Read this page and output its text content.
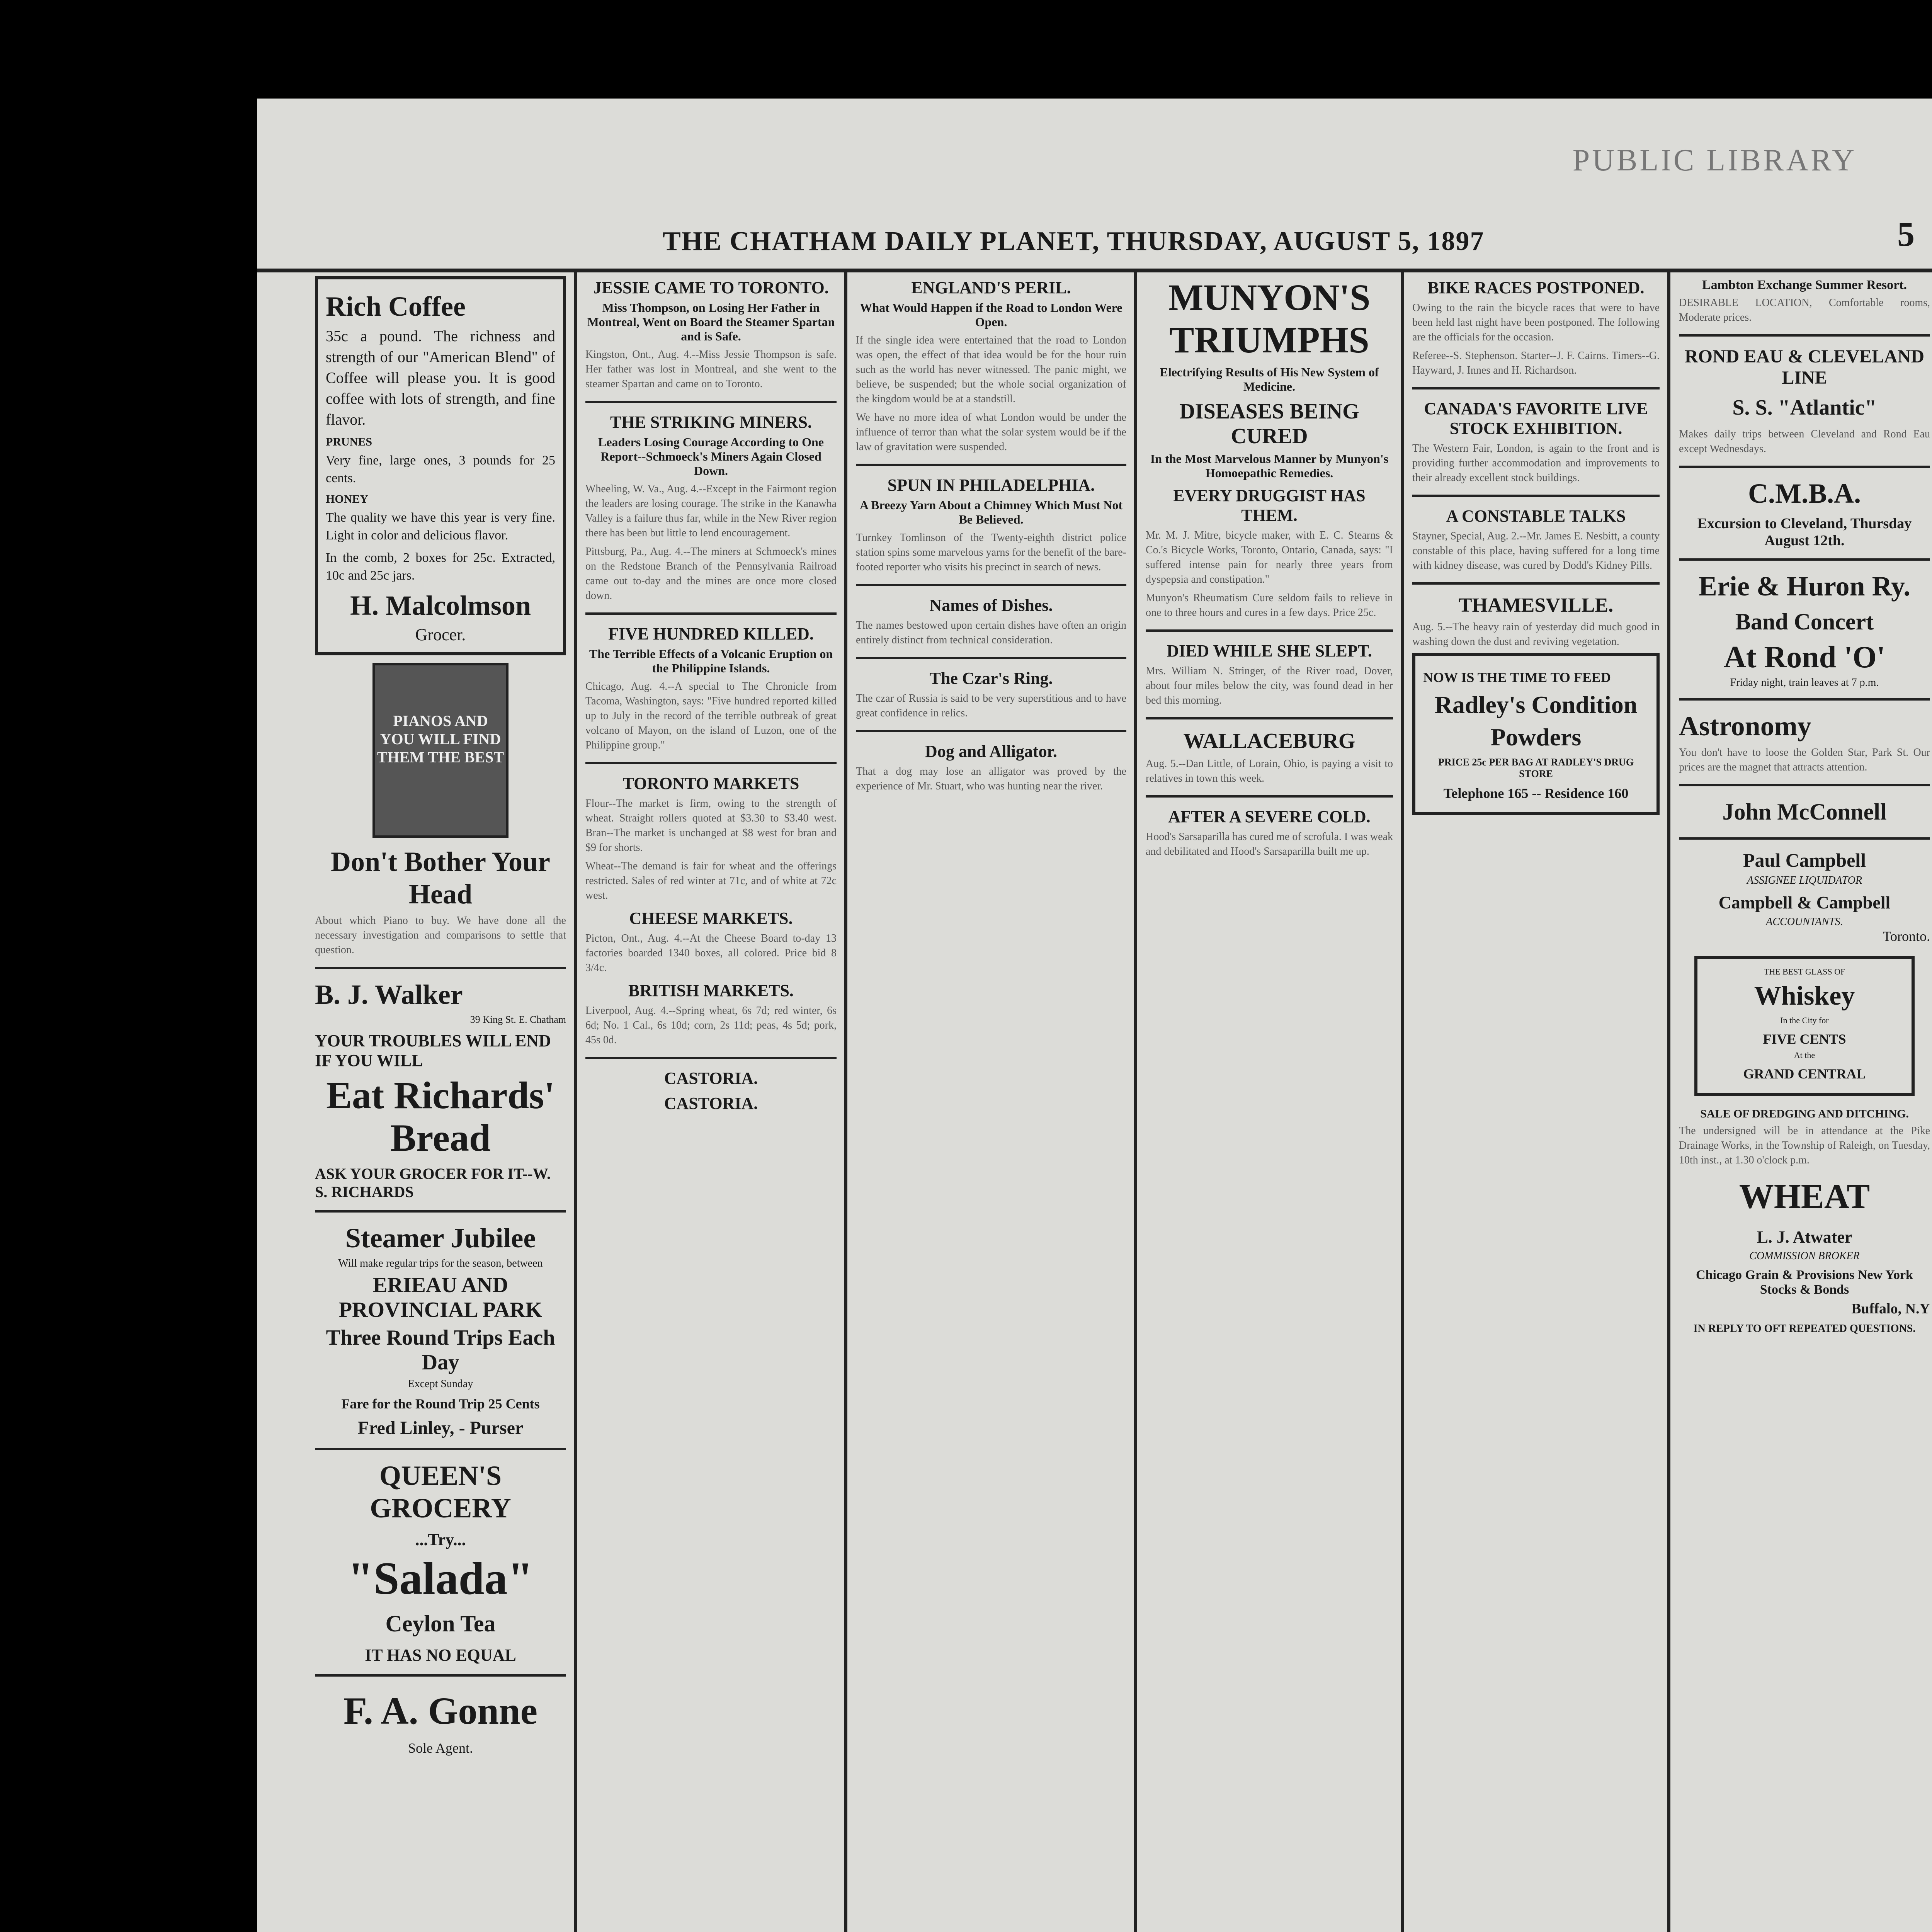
PUBLIC LIBRARY
THE CHATHAM DAILY PLANET, THURSDAY, AUGUST 5, 1897	5
Rich Coffee

35c a pound. The richness and strength of our "American Blend" of Coffee will please you. It is good coffee with lots of strength, and fine flavor.

PRUNES

Very fine, large ones, 3 pounds for 25 cents.

HONEY

The quality we have this year is very fine. Light in color and delicious flavor.

In the comb, 2 boxes for 25c. Extracted, 10c and 25c jars.

H. Malcolmson
Grocer.
PIANOS AND YOU WILL FIND THEM THE BEST
Don't Bother Your Head

About which Piano to buy. We have done all the necessary investigation and comparisons to settle that question.

B. J. Walker
39 King St. E. Chatham
YOUR TROUBLES WILL END IF YOU WILL
Eat Richards' Bread
ASK YOUR GROCER FOR IT--W. S. RICHARDS
Steamer Jubilee
Will make regular trips for the season, between
ERIEAU AND PROVINCIAL PARK
Three Round Trips Each Day
Except Sunday
Fare for the Round Trip 25 Cents
Fred Linley, - Purser
QUEEN'S GROCERY
...Try...
"Salada"
Ceylon Tea
IT HAS NO EQUAL
F. A. Gonne
Sole Agent.
JESSIE CAME TO TORONTO.
Miss Thompson, on Losing Her Father in Montreal, Went on Board the Steamer Spartan and is Safe.

Kingston, Ont., Aug. 4.--Miss Jessie Thompson is safe. Her father was lost in Montreal, and she went to the steamer Spartan and came on to Toronto.

THE STRIKING MINERS.
Leaders Losing Courage According to One Report--Schmoeck's Miners Again Closed Down.

Wheeling, W. Va., Aug. 4.--Except in the Fairmont region the leaders are losing courage. The strike in the Kanawha Valley is a failure thus far, while in the New River region there has been but little to lend encouragement.

Pittsburg, Pa., Aug. 4.--The miners at Schmoeck's mines on the Redstone Branch of the Pennsylvania Railroad came out to-day and the mines are once more closed down.

FIVE HUNDRED KILLED.
The Terrible Effects of a Volcanic Eruption on the Philippine Islands.

Chicago, Aug. 4.--A special to The Chronicle from Tacoma, Washington, says: "Five hundred reported killed up to July in the record of the terrible outbreak of great volcano of Mayon, on the island of Luzon, one of the Philippine group."

TORONTO MARKETS

Flour--The market is firm, owing to the strength of wheat. Straight rollers quoted at $3.30 to $3.40 west. Bran--The market is unchanged at $8 west for bran and $9 for shorts.

Wheat--The demand is fair for wheat and the offerings restricted. Sales of red winter at 71c, and of white at 72c west.

CHEESE MARKETS.

Picton, Ont., Aug. 4.--At the Cheese Board to-day 13 factories boarded 1340 boxes, all colored. Price bid 8 3/4c.

BRITISH MARKETS.

Liverpool, Aug. 4.--Spring wheat, 6s 7d; red winter, 6s 6d; No. 1 Cal., 6s 10d; corn, 2s 11d; peas, 4s 5d; pork, 45s 0d.

CASTORIA.
CASTORIA.
ENGLAND'S PERIL.
What Would Happen if the Road to London Were Open.

If the single idea were entertained that the road to London was open, the effect of that idea would be for the hour ruin such as the world has never witnessed. The panic might, we believe, be suspended; but the whole social organization of the kingdom would be at a standstill.

We have no more idea of what London would be under the influence of terror than what the solar system would be if the law of gravitation were suspended.

SPUN IN PHILADELPHIA.
A Breezy Yarn About a Chimney Which Must Not Be Believed.

Turnkey Tomlinson of the Twenty-eighth district police station spins some marvelous yarns for the benefit of the bare-footed reporter who visits his precinct in search of news.

Names of Dishes.

The names bestowed upon certain dishes have often an origin entirely distinct from technical consideration.

The Czar's Ring.

The czar of Russia is said to be very superstitious and to have great confidence in relics.

Dog and Alligator.

That a dog may lose an alligator was proved by the experience of Mr. Stuart, who was hunting near the river.

MUNYON'S TRIUMPHS
Electrifying Results of His New System of Medicine.
DISEASES BEING CURED
In the Most Marvelous Manner by Munyon's Homoepathic Remedies.
EVERY DRUGGIST HAS THEM.

Mr. M. J. Mitre, bicycle maker, with E. C. Stearns & Co.'s Bicycle Works, Toronto, Ontario, Canada, says: "I suffered intense pain for nearly three years from dyspepsia and constipation."

Munyon's Rheumatism Cure seldom fails to relieve in one to three hours and cures in a few days. Price 25c.

DIED WHILE SHE SLEPT.

Mrs. William N. Stringer, of the River road, Dover, about four miles below the city, was found dead in her bed this morning.

WALLACEBURG

Aug. 5.--Dan Little, of Lorain, Ohio, is paying a visit to relatives in town this week.

AFTER A SEVERE COLD.

Hood's Sarsaparilla has cured me of scrofula. I was weak and debilitated and Hood's Sarsaparilla built me up.

BIKE RACES POSTPONED.

Owing to the rain the bicycle races that were to have been held last night have been postponed. The following are the officials for the occasion.

Referee--S. Stephenson. Starter--J. F. Cairns. Timers--G. Hayward, J. Innes and H. Richardson.

CANADA'S FAVORITE LIVE STOCK EXHIBITION.

The Western Fair, London, is again to the front and is providing further accommodation and improvements to their already excellent stock buildings.

A CONSTABLE TALKS

Stayner, Special, Aug. 2.--Mr. James E. Nesbitt, a county constable of this place, having suffered for a long time with kidney disease, was cured by Dodd's Kidney Pills.

THAMESVILLE.

Aug. 5.--The heavy rain of yesterday did much good in washing down the dust and reviving vegetation.

NOW IS THE TIME TO FEED
Radley's Condition Powders
PRICE 25c PER BAG AT RADLEY'S DRUG STORE
Telephone 165 -- Residence 160
Lambton Exchange Summer Resort.

DESIRABLE LOCATION, Comfortable rooms, Moderate prices.

ROND EAU & CLEVELAND LINE
S. S. "Atlantic"

Makes daily trips between Cleveland and Rond Eau except Wednesdays.

C.M.B.A.
Excursion to Cleveland, Thursday August 12th.
Erie & Huron Ry.
Band Concert
At Rond 'O'
Friday night, train leaves at 7 p.m.
Astronomy

You don't have to loose the Golden Star, Park St. Our prices are the magnet that attracts attention.

John McConnell
Paul Campbell
ASSIGNEE LIQUIDATOR
Campbell & Campbell
ACCOUNTANTS.
Toronto.
THE BEST GLASS OF
Whiskey
In the City for
FIVE CENTS
At the
GRAND CENTRAL
SALE OF DREDGING AND DITCHING.

The undersigned will be in attendance at the Pike Drainage Works, in the Township of Raleigh, on Tuesday, 10th inst., at 1.30 o'clock p.m.

WHEAT
L. J. Atwater
COMMISSION BROKER
Chicago Grain & Provisions New York Stocks & Bonds
Buffalo, N.Y
IN REPLY TO OFT REPEATED QUESTIONS.
